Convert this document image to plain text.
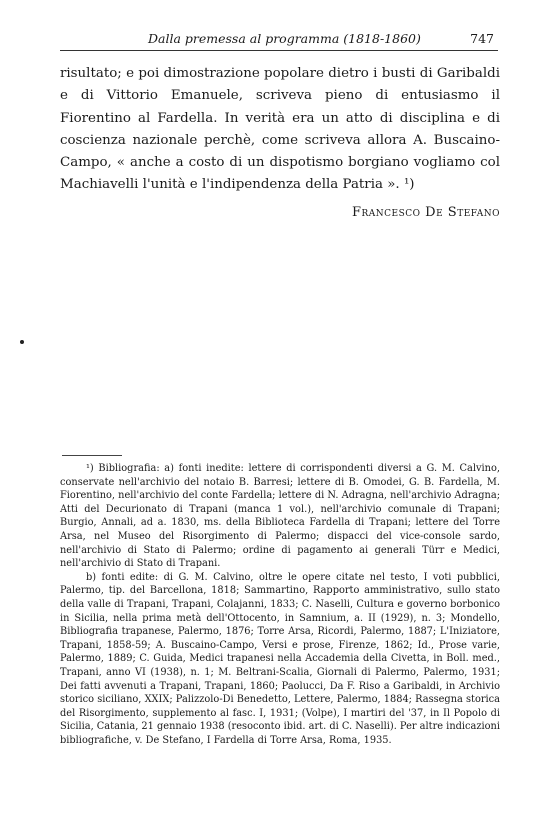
Dalla premessa al programma (1818-1860)	747

risultato; e poi dimostrazione popolare dietro i busti di Garibaldi e di Vittorio Emanuele, scriveva pieno di entusiasmo il Fiorentino al Fardella. In verità era un atto di disciplina e di coscienza nazionale perchè, come scriveva allora A. Buscaino-Campo, « anche a costo di un dispotismo borgiano vogliamo col Machiavelli l'unità e l'indipendenza della Patria ». ¹)

Francesco De Stefano

¹) Bibliografia: a) fonti inedite: lettere di corrispondenti diversi a G. M. Calvino, conservate nell'archivio del notaio B. Barresi; lettere di B. Omodei, G. B. Fardella, M. Fiorentino, nell'archivio del conte Fardella; lettere di N. Adragna, nell'archivio Adragna; Atti del Decurionato di Trapani (manca 1 vol.), nell'archivio comunale di Trapani; Burgio, Annali, ad a. 1830, ms. della Biblioteca Fardella di Trapani; lettere del Torre Arsa, nel Museo del Risorgimento di Palermo; dispacci del vice-console sardo, nell'archivio di Stato di Palermo; ordine di pagamento ai generali Türr e Medici, nell'archivio di Stato di Trapani.

b) fonti edite: di G. M. Calvino, oltre le opere citate nel testo, I voti pubblici, Palermo, tip. del Barcellona, 1818; Sammartino, Rapporto amministrativo, sullo stato della valle di Trapani, Trapani, Colajanni, 1833; C. Naselli, Cultura e governo borbonico in Sicilia, nella prima metà dell'Ottocento, in Samnium, a. II (1929), n. 3; Mondello, Bibliografia trapanese, Palermo, 1876; Torre Arsa, Ricordi, Palermo, 1887; L'Iniziatore, Trapani, 1858-59; A. Buscaino-Campo, Versi e prose, Firenze, 1862; Id., Prose varie, Palermo, 1889; C. Guida, Medici trapanesi nella Accademia della Civetta, in Boll. med., Trapani, anno VI (1938), n. 1; M. Beltrani-Scalia, Giornali di Palermo, Palermo, 1931; Dei fatti avvenuti a Trapani, Trapani, 1860; Paolucci, Da F. Riso a Garibaldi, in Archivio storico siciliano, XXIX; Palizzolo-Di Benedetto, Lettere, Palermo, 1884; Rassegna storica del Risorgimento, supplemento al fasc. I, 1931; (Volpe), I martiri del '37, in Il Popolo di Sicilia, Catania, 21 gennaio 1938 (resoconto ibid. art. di C. Naselli). Per altre indicazioni bibliografiche, v. De Stefano, I Fardella di Torre Arsa, Roma, 1935.
